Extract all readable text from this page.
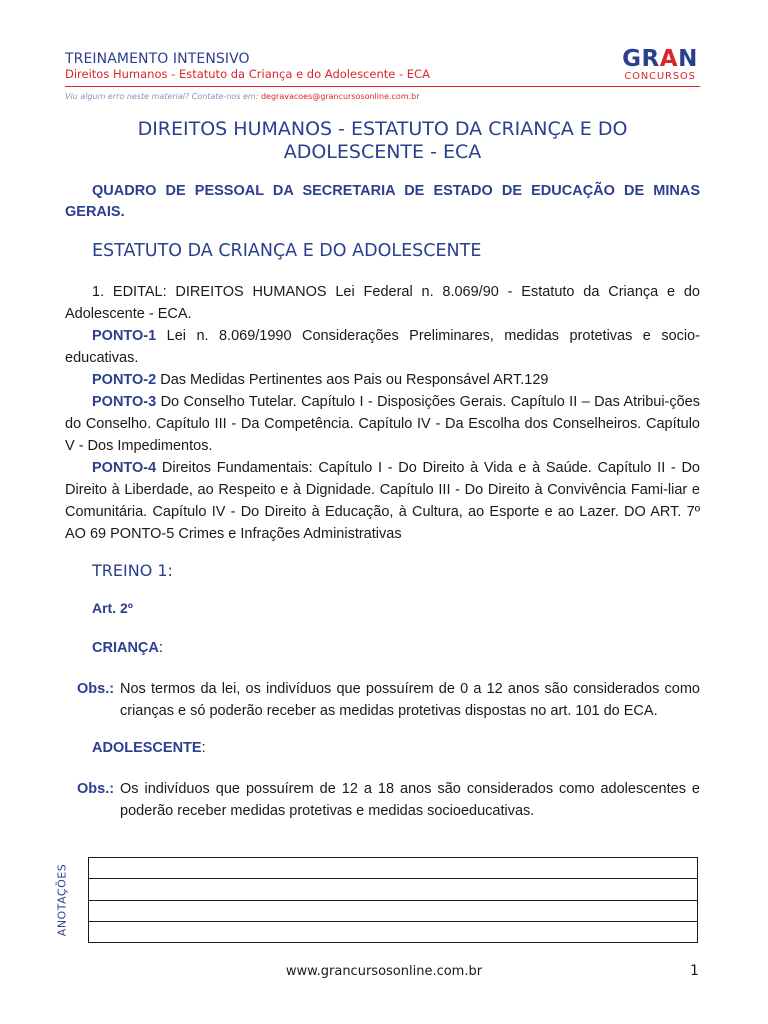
TREINAMENTO INTENSIVO
Direitos Humanos - Estatuto da Criança e do Adolescente - ECA
GRAN
CONCURSOS
Viu algum erro neste material? Contate-nos em: degravacoes@grancursosonline.com.br
DIREITOS HUMANOS - ESTATUTO DA CRIANÇA E DO ADOLESCENTE - ECA
QUADRO DE PESSOAL DA SECRETARIA DE ESTADO DE EDUCAÇÃO DE MINAS GERAIS.
ESTATUTO DA CRIANÇA E DO ADOLESCENTE

1. EDITAL: DIREITOS HUMANOS Lei Federal n. 8.069/90 - Estatuto da Criança e do Adolescente - ECA.

PONTO-1 Lei n. 8.069/1990 Considerações Preliminares, medidas protetivas e socio-educativas.

PONTO-2 Das Medidas Pertinentes aos Pais ou Responsável ART.129

PONTO-3 Do Conselho Tutelar. Capítulo I - Disposições Gerais. Capítulo II – Das Atribui-ções do Conselho. Capítulo III - Da Competência. Capítulo IV - Da Escolha dos Conselheiros. Capítulo V - Dos Impedimentos.

PONTO-4 Direitos Fundamentais: Capítulo I - Do Direito à Vida e à Saúde. Capítulo II - Do Direito à Liberdade, ao Respeito e à Dignidade. Capítulo III - Do Direito à Convivência Fami-liar e Comunitária. Capítulo IV - Do Direito à Educação, à Cultura, ao Esporte e ao Lazer. DO ART. 7º AO 69 PONTO-5 Crimes e Infrações Administrativas

TREINO 1:
Art. 2º
CRIANÇA:
Obs.: Nos termos da lei, os indivíduos que possuírem de 0 a 12 anos são considerados como crianças e só poderão receber as medidas protetivas dispostas no art. 101 do ECA.
ADOLESCENTE:
Obs.: Os indivíduos que possuírem de 12 a 18 anos são considerados como adolescentes e poderão receber medidas protetivas e medidas socioeducativas.
ANOTAÇÕES
www.grancursosonline.com.br	1
